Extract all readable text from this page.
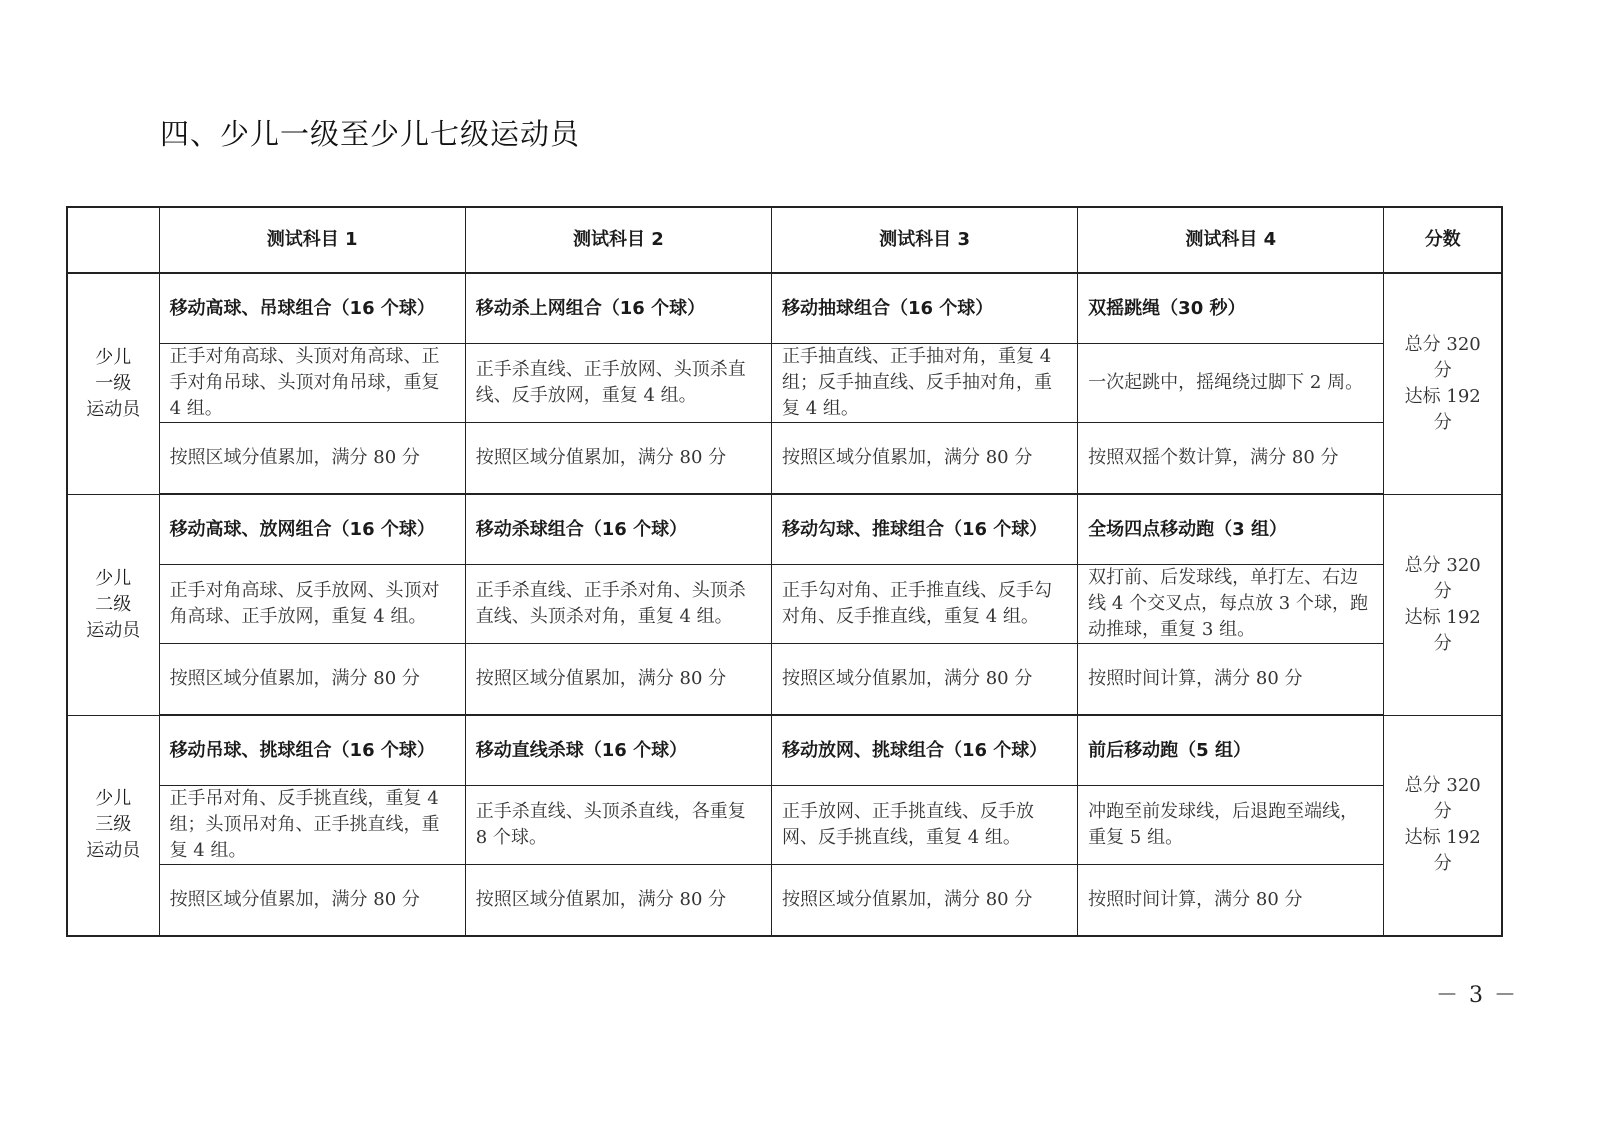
四、少儿一级至少儿七级运动员
	测试科目 1	测试科目 2	测试科目 3	测试科目 4	分数

少儿
一级
运动员	移动高球、吊球组合（16 个球）	移动杀上网组合（16 个球）	移动抽球组合（16 个球）	双摇跳绳（30 秒）	总分 320 分
达标 192 分

	正手对角高球、头顶对角高球、正手对角吊球、头顶对角吊球，重复 4 组。	正手杀直线、正手放网、头顶杀直线、反手放网，重复 4 组。	正手抽直线、正手抽对角，重复 4 组；反手抽直线、反手抽对角，重复 4 组。	一次起跳中，摇绳绕过脚下 2 周。	
	按照区域分值累加，满分 80 分	按照区域分值累加，满分 80 分	按照区域分值累加，满分 80 分	按照双摇个数计算，满分 80 分	

少儿
二级
运动员	移动高球、放网组合（16 个球）	移动杀球组合（16 个球）	移动勾球、推球组合（16 个球）	全场四点移动跑（3 组）	总分 320 分
达标 192 分

	正手对角高球、反手放网、头顶对角高球、正手放网，重复 4 组。	正手杀直线、正手杀对角、头顶杀直线、头顶杀对角，重复 4 组。	正手勾对角、正手推直线、反手勾对角、反手推直线，重复 4 组。	双打前、后发球线，单打左、右边线 4 个交叉点，每点放 3 个球，跑动推球，重复 3 组。	
	按照区域分值累加，满分 80 分	按照区域分值累加，满分 80 分	按照区域分值累加，满分 80 分	按照时间计算，满分 80 分	

少儿
三级
运动员	移动吊球、挑球组合（16 个球）	移动直线杀球（16 个球）	移动放网、挑球组合（16 个球）	前后移动跑（5 组）	总分 320 分
达标 192 分

	正手吊对角、反手挑直线，重复 4 组；头顶吊对角、正手挑直线，重复 4 组。	正手杀直线、头顶杀直线，各重复 8 个球。	正手放网、正手挑直线、反手放网、反手挑直线，重复 4 组。	冲跑至前发球线，后退跑至端线，重复 5 组。	
	按照区域分值累加，满分 80 分	按照区域分值累加，满分 80 分	按照区域分值累加，满分 80 分	按照时间计算，满分 80 分	
－ 3 －
